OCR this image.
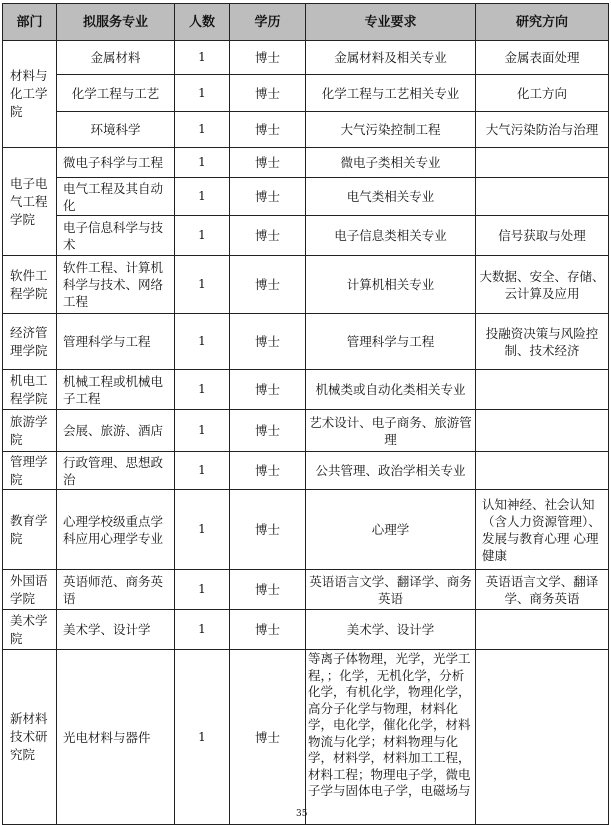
部门	拟服务专业	人数	学历	专业要求	研究方向
材料与化工学院	金属材料	1	博士	金属材料及相关专业	金属表面处理
	化学工程与工艺	1	博士	化学工程与工艺相关专业	化工方向
	环境科学	1	博士	大气污染控制工程	大气污染防治与治理
电子电气工程学院	微电子科学与工程	1	博士	微电子类相关专业	
	电气工程及其自动化	1	博士	电气类相关专业	
	电子信息科学与技术	1	博士	电子信息类相关专业	信号获取与处理
软件工程学院	软件工程、计算机科学与技术、网络工程	1	博士	计算机相关专业	大数据、安全、存储、云计算及应用
经济管理学院	管理科学与工程	1	博士	管理科学与工程	投融资决策与风险控制、技术经济
机电工程学院	机械工程或机械电子工程	1	博士	机械类或自动化类相关专业	
旅游学院	会展、旅游、酒店	1	博士	艺术设计、电子商务、旅游管理	
管理学院	行政管理、思想政治	1	博士	公共管理、政治学相关专业	
教育学院	心理学校级重点学科应用心理学专业	1	博士	心理学	认知神经、社会认知（含人力资源管理）、发展与教育心理 心理健康
外国语学院	英语师范、商务英语	1	博士	英语语言文学、翻译学、商务英语	英语语言文学、翻译学、商务英语
美术学院	美术学、设计学	1	博士	美术学、设计学	
新材料技术研究院	光电材料与器件	1	博士	等离子体物理，光学，光学工程，；化学，无机化学，分析化学，有机化学，物理化学，高分子化学与物理，材料化学，电化学，催化化学，材料物流与化学；材料物理与化学，材料学，材料加工工程，材料工程；物理电子学，微电子学与固体电子学，电磁场与	
35
